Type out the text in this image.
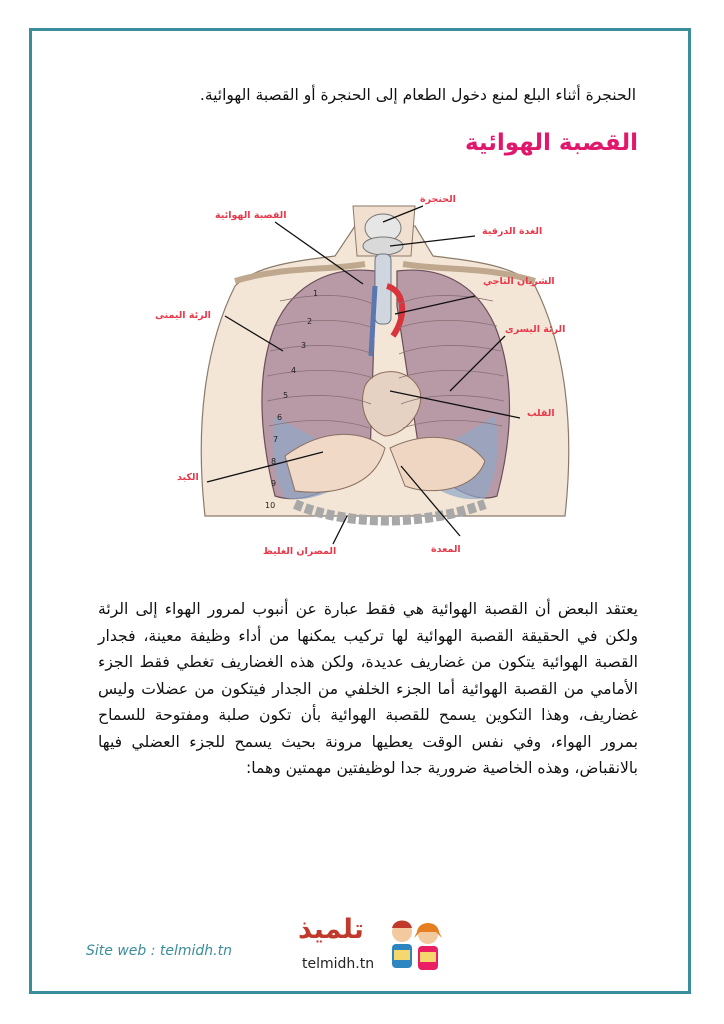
الحنجرة أثناء البلع لمنع دخول الطعام إلى الحنجرة أو القصبة الهوائية.
القصبة الهوائية
1
2
3
4
5
6
7
8
9
10
الحنجرة
الغدة الدرقية
القصبة الهوائية
الشريان التاجي
الرئة اليمنى
الرئة اليسرى
القلب
الكبد
المصران الغليظ	المعدة
يعتقد البعض أن القصبة الهوائية هي فقط عبارة عن أنبوب لمرور الهواء إلى الرئة ولكن في الحقيقة القصبة الهوائية لها تركيب يمكنها من أداء وظيفة معينة، فجدار القصبة الهوائية يتكون من غضاريف عديدة، ولكن هذه الغضاريف تغطي فقط الجزء الأمامي من القصبة الهوائية أما الجزء الخلفي من الجدار فيتكون من عضلات وليس غضاريف، وهذا التكوين يسمح للقصبة الهوائية بأن تكون صلبة ومفتوحة للسماح بمرور الهواء، وفي نفس الوقت يعطيها مرونة بحيث يسمح للجزء العضلي فيها بالانقباض، وهذه الخاصية ضرورية جدا لوظيفتين مهمتين وهما:
Site web : telmidh.tn
تلميذ
telmidh.tn
